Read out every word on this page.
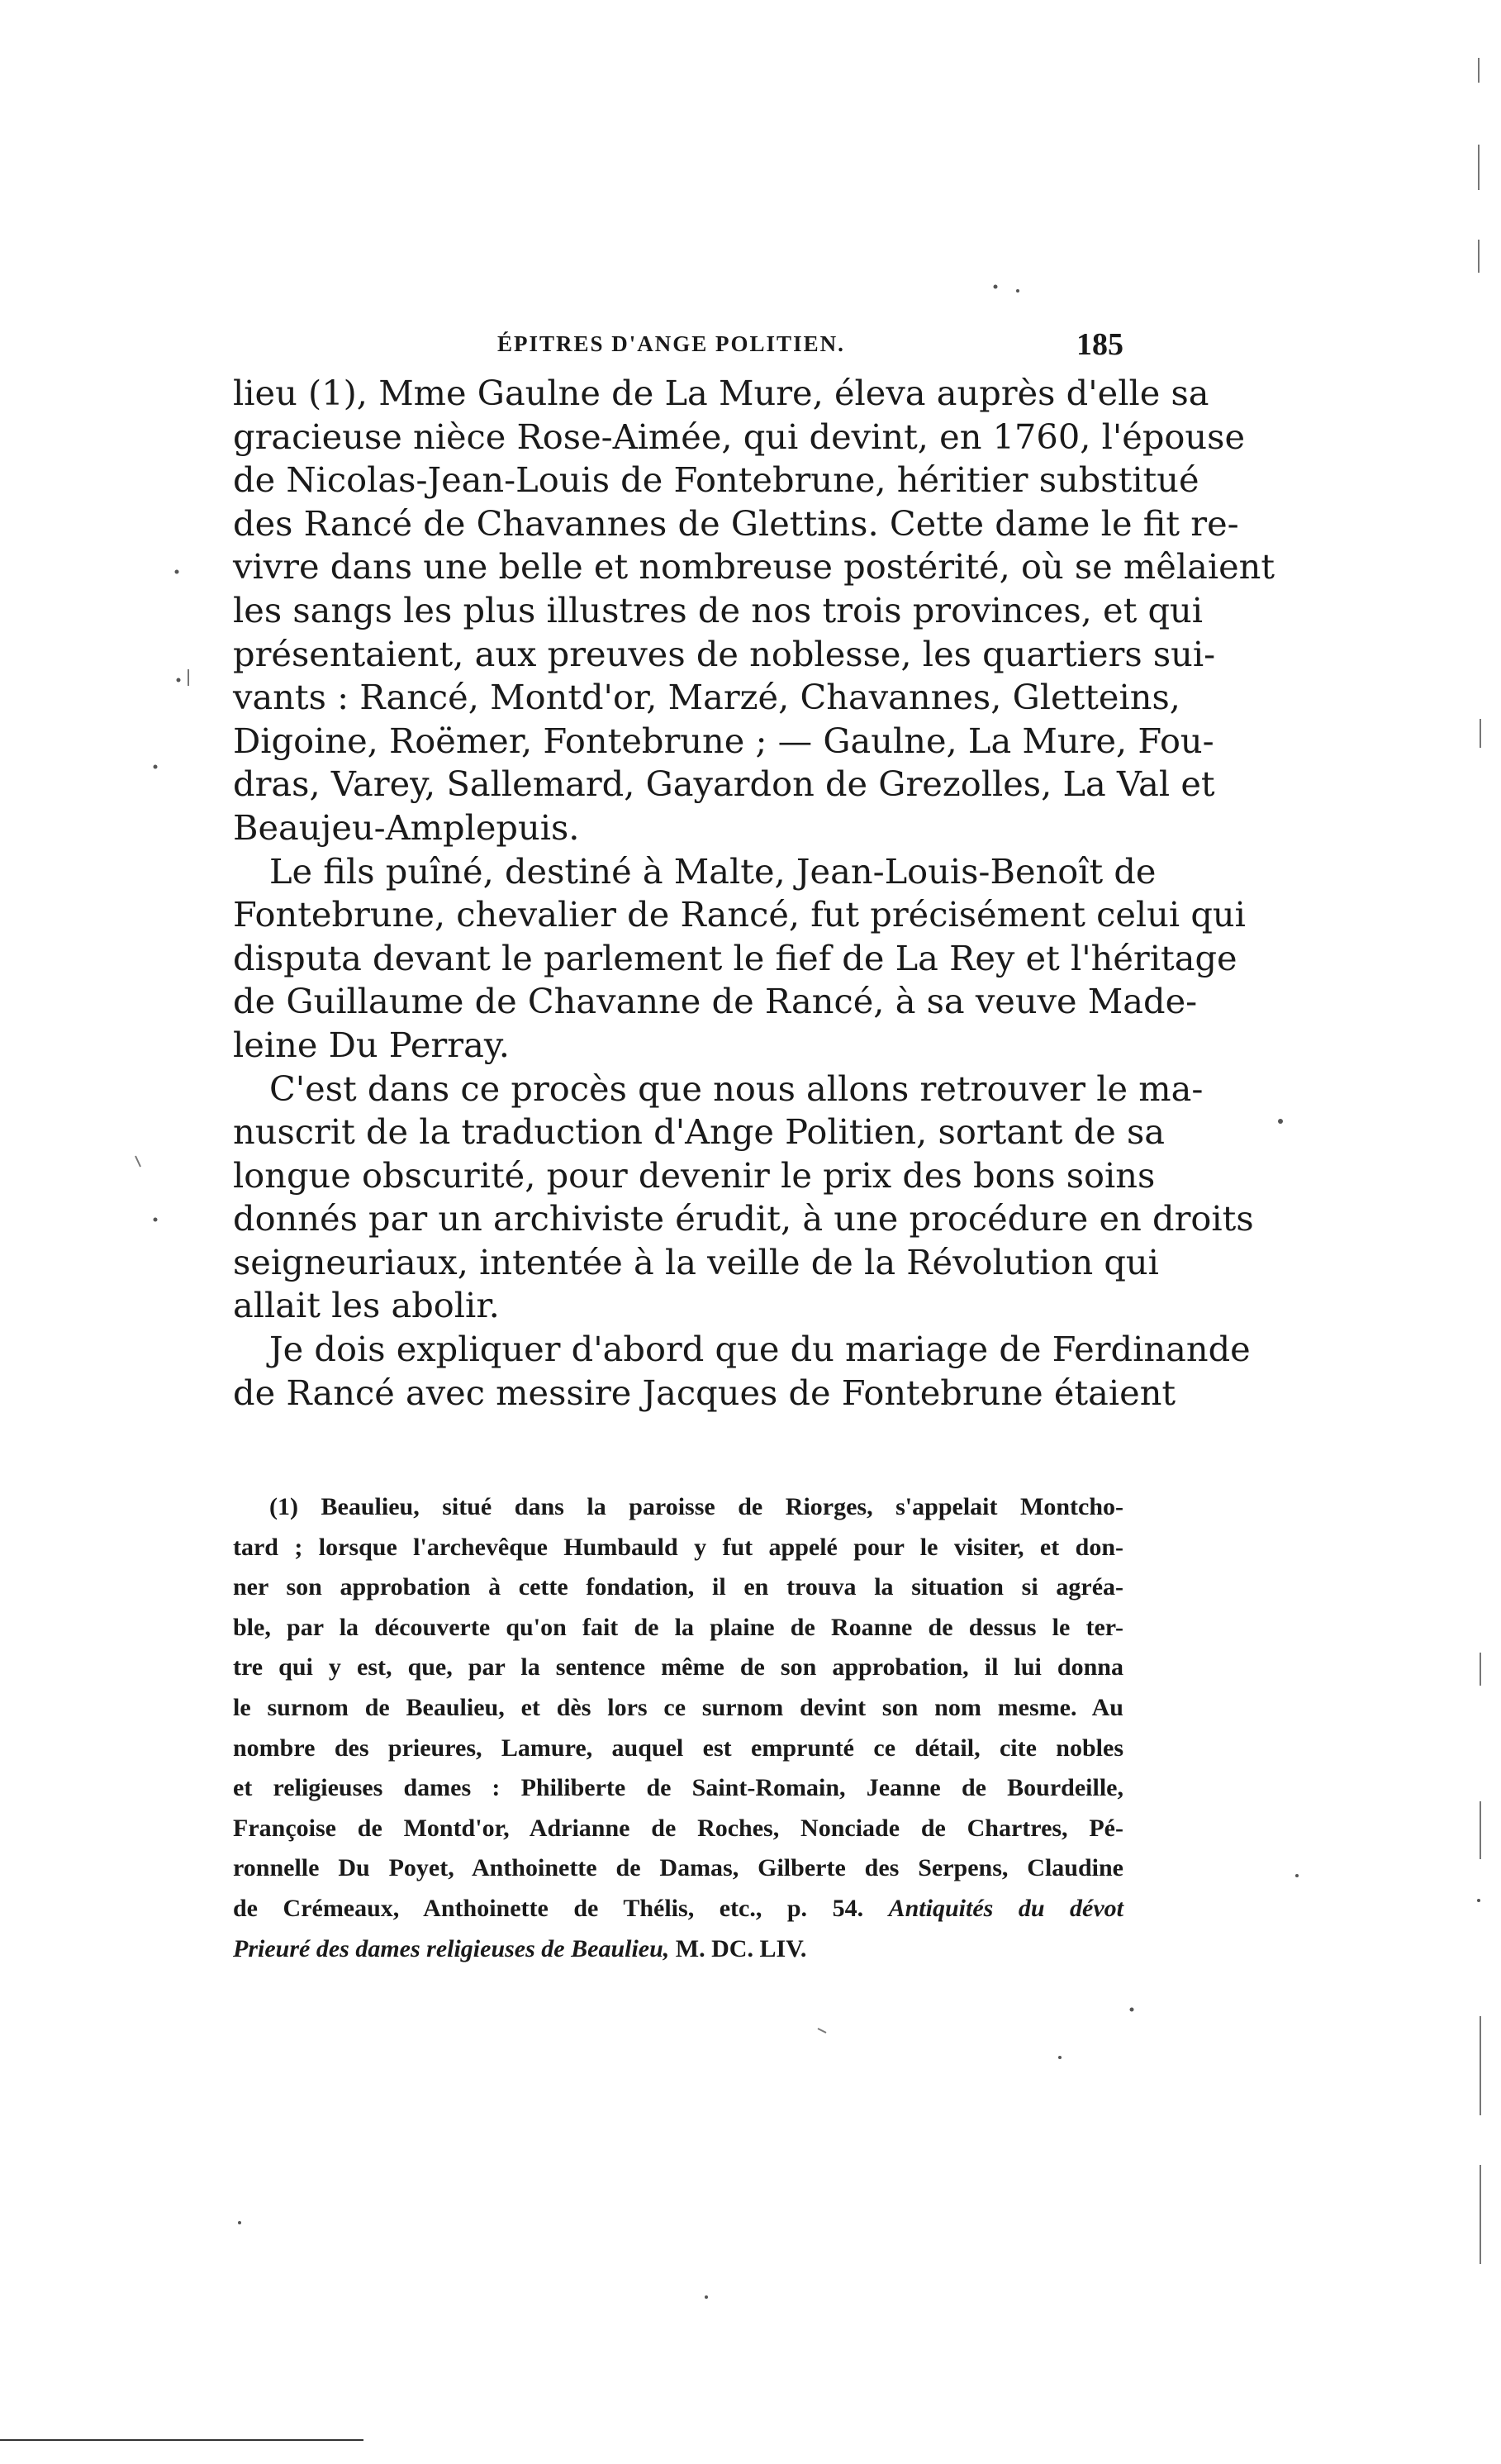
ÉPITRES D'ANGE POLITIEN.	185
lieu (1), Mme Gaulne de La Mure, éleva auprès d'elle sa
gracieuse nièce Rose-Aimée, qui devint, en 1760, l'épouse
de Nicolas-Jean-Louis de Fontebrune, héritier substitué
des Rancé de Chavannes de Glettins. Cette dame le fit re-
vivre dans une belle et nombreuse postérité, où se mêlaient
les sangs les plus illustres de nos trois provinces, et qui
présentaient, aux preuves de noblesse, les quartiers sui-
vants : Rancé, Montd'or, Marzé, Chavannes, Gletteins,
Digoine, Roëmer, Fontebrune ; — Gaulne, La Mure, Fou-
dras, Varey, Sallemard, Gayardon de Grezolles, La Val et
Beaujeu-Amplepuis.
Le fils puîné, destiné à Malte, Jean-Louis-Benoît de
Fontebrune, chevalier de Rancé, fut précisément celui qui
disputa devant le parlement le fief de La Rey et l'héritage
de Guillaume de Chavanne de Rancé, à sa veuve Made-
leine Du Perray.
C'est dans ce procès que nous allons retrouver le ma-
nuscrit de la traduction d'Ange Politien, sortant de sa
longue obscurité, pour devenir le prix des bons soins
donnés par un archiviste érudit, à une procédure en droits
seigneuriaux, intentée à la veille de la Révolution qui
allait les abolir.
Je dois expliquer d'abord que du mariage de Ferdinande
de Rancé avec messire Jacques de Fontebrune étaient
(1) Beaulieu, situé dans la paroisse de Riorges, s'appelait Montcho-
tard ; lorsque l'archevêque Humbauld y fut appelé pour le visiter, et don-
ner son approbation à cette fondation, il en trouva la situation si agréa-
ble, par la découverte qu'on fait de la plaine de Roanne de dessus le ter-
tre qui y est, que, par la sentence même de son approbation, il lui donna
le surnom de Beaulieu, et dès lors ce surnom devint son nom mesme. Au
nombre des prieures, Lamure, auquel est emprunté ce détail, cite nobles
et religieuses dames : Philiberte de Saint-Romain, Jeanne de Bourdeille,
Françoise de Montd'or, Adrianne de Roches, Nonciade de Chartres, Pé-
ronnelle Du Poyet, Anthoinette de Damas, Gilberte des Serpens, Claudine
de Crémeaux, Anthoinette de Thélis, etc., p. 54. Antiquités du dévot
Prieuré des dames religieuses de Beaulieu, M. DC. LIV.
